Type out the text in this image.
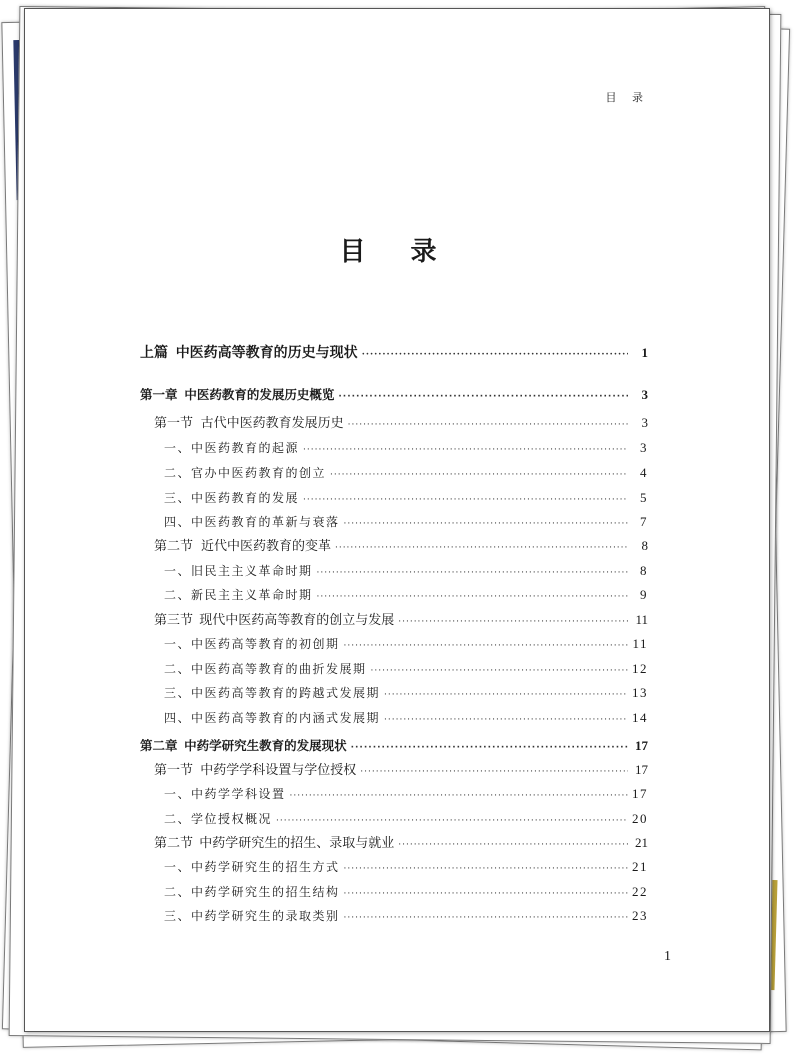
目 录
目 录
上篇 中医药高等教育的历史与现状 ·····	1
第一章 中医药教育的发展历史概览 ·····	3
第一节 古代中医药教育发展历史 ·····	3
一、中医药教育的起源 ·····	3
二、官办中医药教育的创立 ·····	4
三、中医药教育的发展 ·····	5
四、中医药教育的革新与衰落 ·····	7
第二节 近代中医药教育的变革 ·····	8
一、旧民主主义革命时期 ·····	8
二、新民主主义革命时期 ·····	9
第三节 现代中医药高等教育的创立与发展 ·····	11
一、中医药高等教育的初创期 ·····	11
二、中医药高等教育的曲折发展期 ·····	12
三、中医药高等教育的跨越式发展期 ·····	13
四、中医药高等教育的内涵式发展期 ·····	14
第二章 中药学研究生教育的发展现状 ·····	17
第一节 中药学学科设置与学位授权 ·····	17
一、中药学学科设置 ·····	17
二、学位授权概况 ·····	20
第二节 中药学研究生的招生、录取与就业 ·····	21
一、中药学研究生的招生方式 ·····	21
二、中药学研究生的招生结构 ·····	22
三、中药学研究生的录取类别 ·····	23
1
